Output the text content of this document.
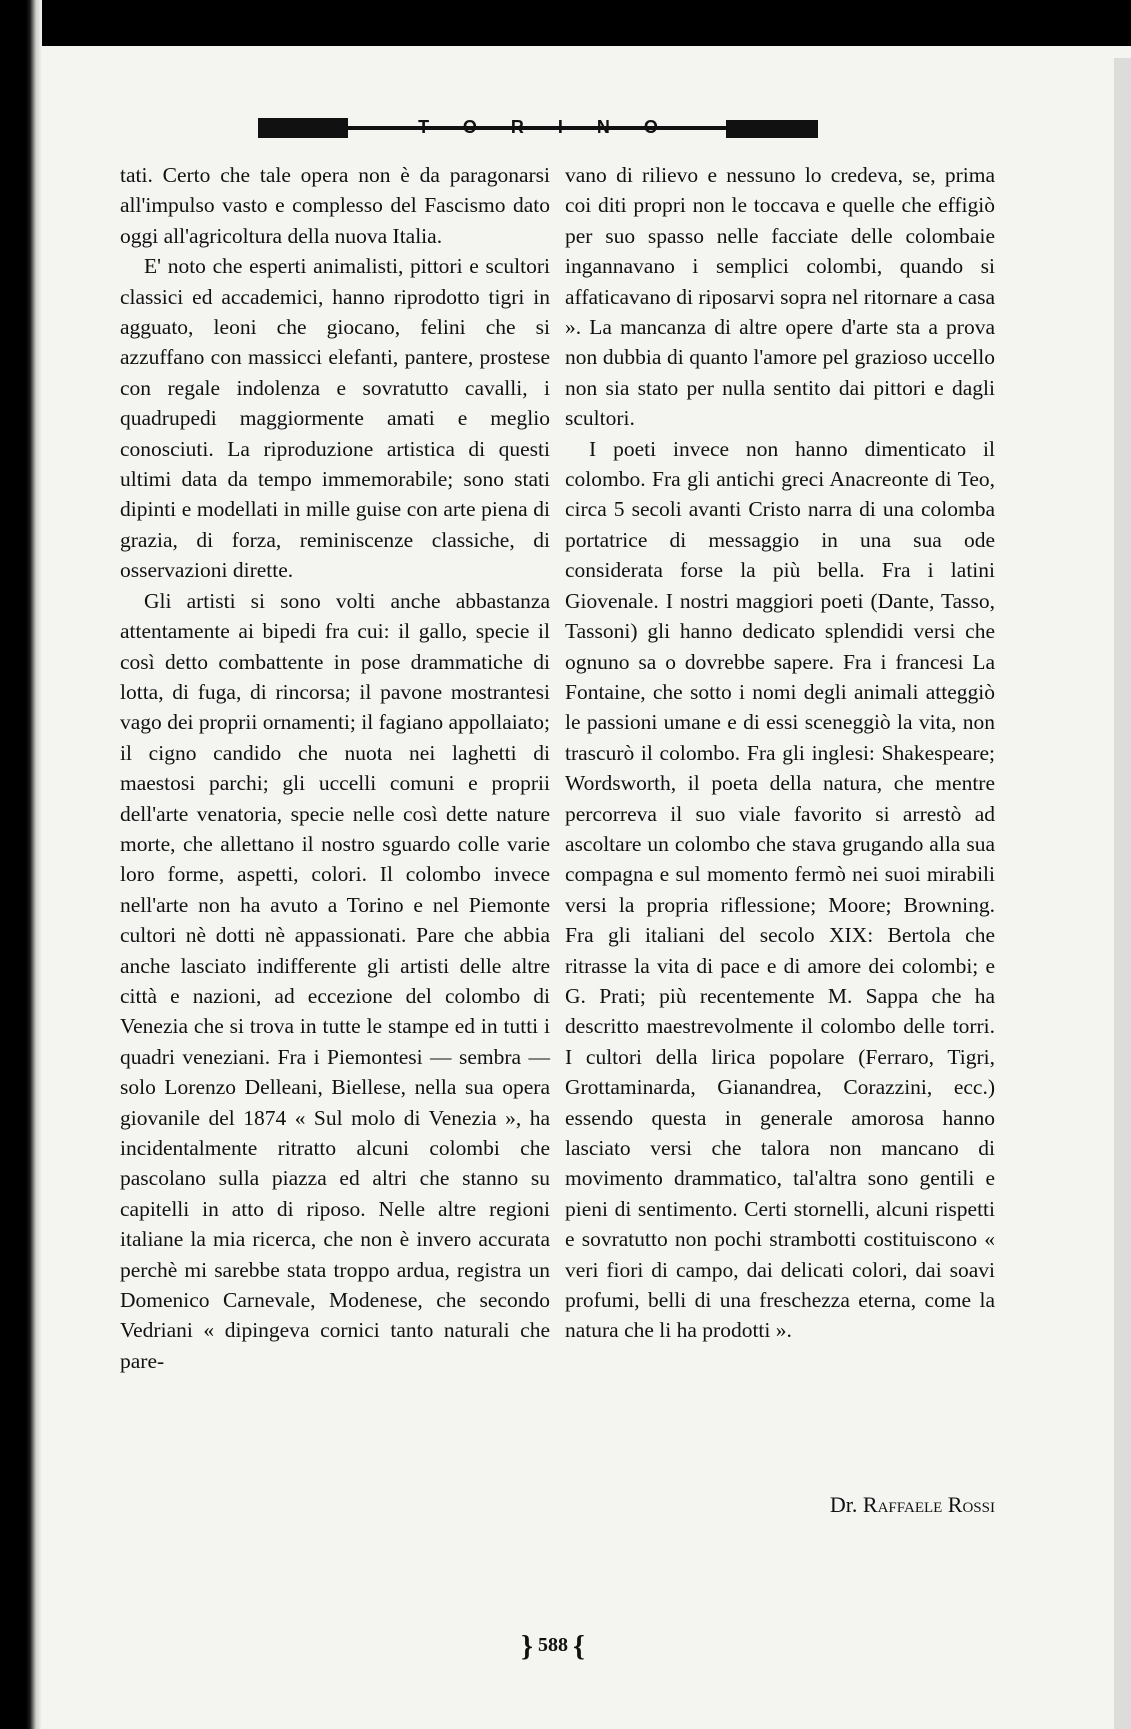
TORINO

tati. Certo che tale opera non è da paragonarsi all'impulso vasto e complesso del Fascismo dato oggi all'agricoltura della nuova Italia.

E' noto che esperti animalisti, pittori e scultori classici ed accademici, hanno riprodotto tigri in agguato, leoni che giocano, felini che si azzuffano con massicci elefanti, pantere, prostese con regale indolenza e sovratutto cavalli, i quadrupedi maggiormente amati e meglio conosciuti. La riproduzione artistica di questi ultimi data da tempo immemorabile; sono stati dipinti e modellati in mille guise con arte piena di grazia, di forza, reminiscenze classiche, di osservazioni dirette.

Gli artisti si sono volti anche abbastanza attentamente ai bipedi fra cui: il gallo, specie il così detto combattente in pose drammatiche di lotta, di fuga, di rincorsa; il pavone mostrantesi vago dei proprii ornamenti; il fagiano appollaiato; il cigno candido che nuota nei laghetti di maestosi parchi; gli uccelli comuni e proprii dell'arte venatoria, specie nelle così dette nature morte, che allettano il nostro sguardo colle varie loro forme, aspetti, colori. Il colombo invece nell'arte non ha avuto a Torino e nel Piemonte cultori nè dotti nè appassionati. Pare che abbia anche lasciato indifferente gli artisti delle altre città e nazioni, ad eccezione del colombo di Venezia che si trova in tutte le stampe ed in tutti i quadri veneziani. Fra i Piemontesi — sembra — solo Lorenzo Delleani, Biellese, nella sua opera giovanile del 1874 « Sul molo di Venezia », ha incidentalmente ritratto alcuni colombi che pascolano sulla piazza ed altri che stanno su capitelli in atto di riposo. Nelle altre regioni italiane la mia ricerca, che non è invero accurata perchè mi sarebbe stata troppo ardua, registra un Domenico Carnevale, Modenese, che secondo Vedriani « dipingeva cornici tanto naturali che pare-

vano di rilievo e nessuno lo credeva, se, prima coi diti propri non le toccava e quelle che effigiò per suo spasso nelle facciate delle colombaie ingannavano i semplici colombi, quando si affaticavano di riposarvi sopra nel ritornare a casa ». La mancanza di altre opere d'arte sta a prova non dubbia di quanto l'amore pel grazioso uccello non sia stato per nulla sentito dai pittori e dagli scultori.

I poeti invece non hanno dimenticato il colombo. Fra gli antichi greci Anacreonte di Teo, circa 5 secoli avanti Cristo narra di una colomba portatrice di messaggio in una sua ode considerata forse la più bella. Fra i latini Giovenale. I nostri maggiori poeti (Dante, Tasso, Tassoni) gli hanno dedicato splendidi versi che ognuno sa o dovrebbe sapere. Fra i francesi La Fontaine, che sotto i nomi degli animali atteggiò le passioni umane e di essi sceneggiò la vita, non trascurò il colombo. Fra gli inglesi: Shakespeare; Wordsworth, il poeta della natura, che mentre percorreva il suo viale favorito si arrestò ad ascoltare un colombo che stava grugando alla sua compagna e sul momento fermò nei suoi mirabili versi la propria riflessione; Moore; Browning. Fra gli italiani del secolo XIX: Bertola che ritrasse la vita di pace e di amore dei colombi; e G. Prati; più recentemente M. Sappa che ha descritto maestrevolmente il colombo delle torri. I cultori della lirica popolare (Ferraro, Tigri, Grottaminarda, Gianandrea, Corazzini, ecc.) essendo questa in generale amorosa hanno lasciato versi che talora non mancano di movimento drammatico, tal'altra sono gentili e pieni di sentimento. Certi stornelli, alcuni rispetti e sovratutto non pochi strambotti costituiscono « veri fiori di campo, dai delicati colori, dai soavi profumi, belli di una freschezza eterna, come la natura che li ha prodotti ».

Dr. Raffaele Rossi
} 588 {
